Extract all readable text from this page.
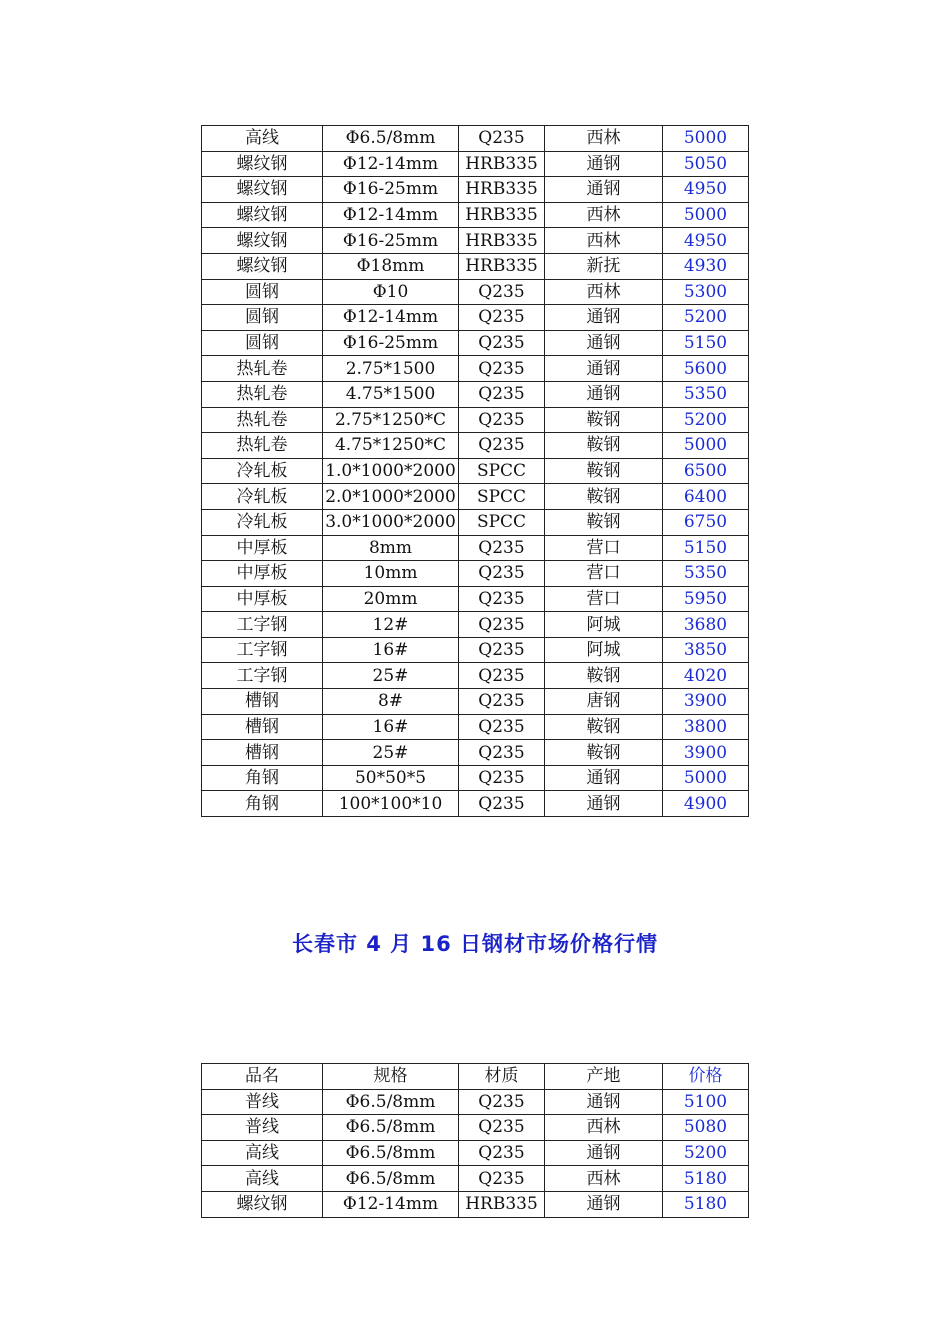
高线	Φ6.5/8mm	Q235	西林	5000
螺纹钢	Φ12-14mm	HRB335	通钢	5050
螺纹钢	Φ16-25mm	HRB335	通钢	4950
螺纹钢	Φ12-14mm	HRB335	西林	5000
螺纹钢	Φ16-25mm	HRB335	西林	4950
螺纹钢	Φ18mm	HRB335	新抚	4930
圆钢	Φ10	Q235	西林	5300
圆钢	Φ12-14mm	Q235	通钢	5200
圆钢	Φ16-25mm	Q235	通钢	5150
热轧卷	2.75*1500	Q235	通钢	5600
热轧卷	4.75*1500	Q235	通钢	5350
热轧卷	2.75*1250*C	Q235	鞍钢	5200
热轧卷	4.75*1250*C	Q235	鞍钢	5000
冷轧板	1.0*1000*2000	SPCC	鞍钢	6500
冷轧板	2.0*1000*2000	SPCC	鞍钢	6400
冷轧板	3.0*1000*2000	SPCC	鞍钢	6750
中厚板	8mm	Q235	营口	5150
中厚板	10mm	Q235	营口	5350
中厚板	20mm	Q235	营口	5950
工字钢	12#	Q235	阿城	3680
工字钢	16#	Q235	阿城	3850
工字钢	25#	Q235	鞍钢	4020
槽钢	8#	Q235	唐钢	3900
槽钢	16#	Q235	鞍钢	3800
槽钢	25#	Q235	鞍钢	3900
角钢	50*50*5	Q235	通钢	5000
角钢	100*100*10	Q235	通钢	4900
长春市 4 月 16 日钢材市场价格行情
品名	规格	材质	产地	价格
普线	Φ6.5/8mm	Q235	通钢	5100
普线	Φ6.5/8mm	Q235	西林	5080
高线	Φ6.5/8mm	Q235	通钢	5200
高线	Φ6.5/8mm	Q235	西林	5180
螺纹钢	Φ12-14mm	HRB335	通钢	5180
